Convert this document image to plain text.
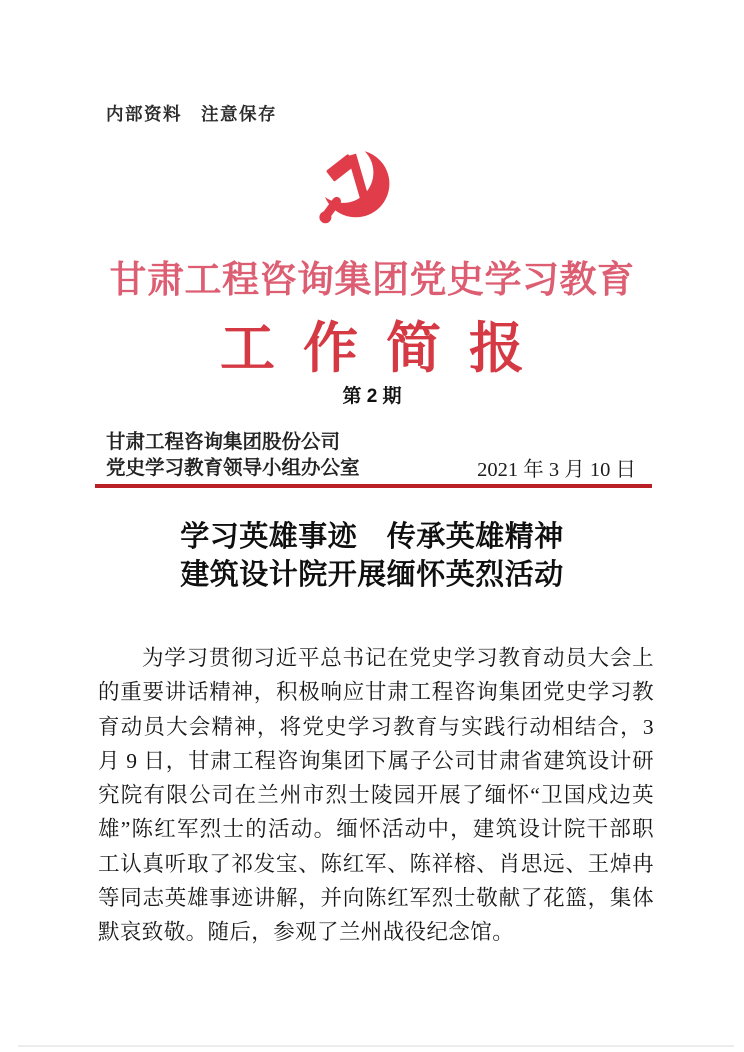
内部资料　注意保存
甘肃工程咨询集团党史学习教育
工作简报
第 2 期
甘肃工程咨询集团股份公司
党史学习教育领导小组办公室	2021 年 3 月 10 日
学习英雄事迹　传承英雄精神
建筑设计院开展缅怀英烈活动

为学习贯彻习近平总书记在党史学习教育动员大会上的重要讲话精神，积极响应甘肃工程咨询集团党史学习教育动员大会精神，将党史学习教育与实践行动相结合，3 月 9 日，甘肃工程咨询集团下属子公司甘肃省建筑设计研究院有限公司在兰州市烈士陵园开展了缅怀“卫国戍边英雄”陈红军烈士的活动。缅怀活动中，建筑设计院干部职工认真听取了祁发宝、陈红军、陈祥榕、肖思远、王焯冉等同志英雄事迹讲解，并向陈红军烈士敬献了花篮，集体默哀致敬。随后，参观了兰州战役纪念馆。
